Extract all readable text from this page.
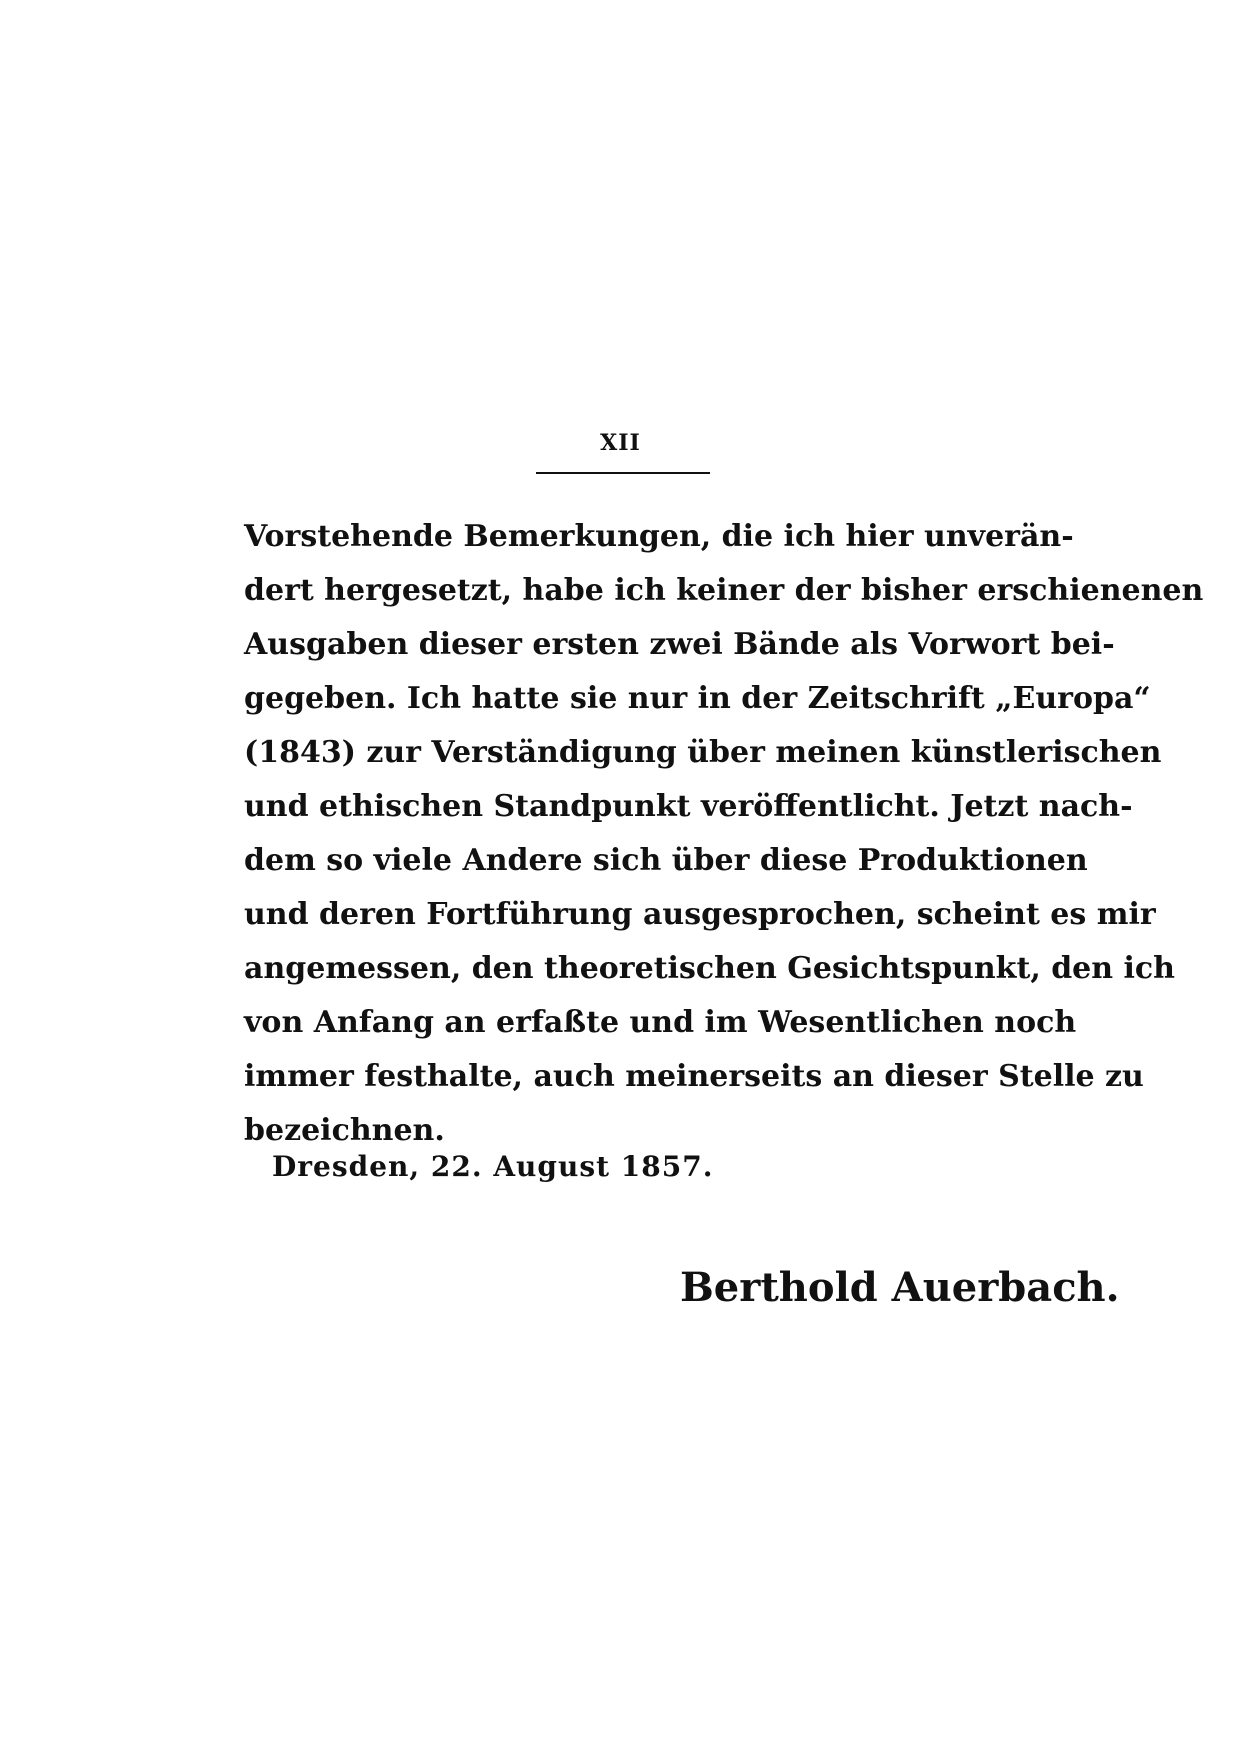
XII
Vorstehende Bemerkungen, die ich hier unverän-
dert hergesetzt, habe ich keiner der bisher erschienenen
Ausgaben dieser ersten zwei Bände als Vorwort bei-
gegeben. Ich hatte sie nur in der Zeitschrift „Europa“
(1843) zur Verständigung über meinen künstlerischen
und ethischen Standpunkt veröffentlicht. Jetzt nach-
dem so viele Andere sich über diese Produktionen
und deren Fortführung ausgesprochen, scheint es mir
angemessen, den theoretischen Gesichtspunkt, den ich
von Anfang an erfaßte und im Wesentlichen noch
immer festhalte, auch meinerseits an dieser Stelle zu
bezeichnen.
Dresden, 22. August 1857.
Berthold Auerbach.
